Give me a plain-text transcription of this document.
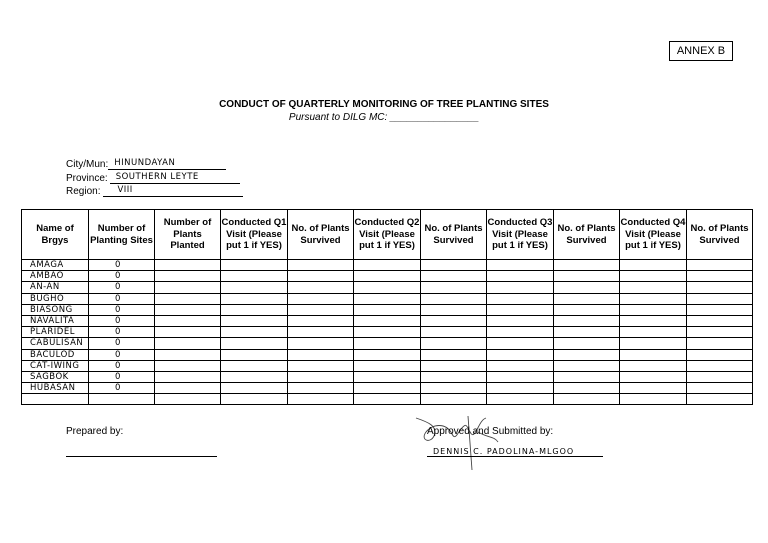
ANNEX B
CONDUCT OF QUARTERLY MONITORING OF TREE PLANTING SITES
Pursuant to DILG MC: ________________
City/Mun: HINUNDAYAN
Province: SOUTHERN LEYTE
Region: VIII
Name of Brgys	Number of Planting Sites	Number of Plants Planted	Conducted Q1 Visit (Please put 1 if YES)	No. of Plants Survived	Conducted Q2 Visit (Please put 1 if YES)	No. of Plants Survived	Conducted Q3 Visit (Please put 1 if YES)	No. of Plants Survived	Conducted Q4 Visit (Please put 1 if YES)	No. of Plants Survived
AMAGA	0									
AMBAO	0									
AN-AN	0									
BUGHO	0									
BIASONG	0									
NAVALITA	0									
PLARIDEL	0									
CABULISAN	0									
BACULOD	0									
CAT-IWING	0									
SAGBOK	0									
HUBASAN	0									

Prepared by:	Approved and Submitted by:
DENNIS C. PADOLINA-MLGOO
